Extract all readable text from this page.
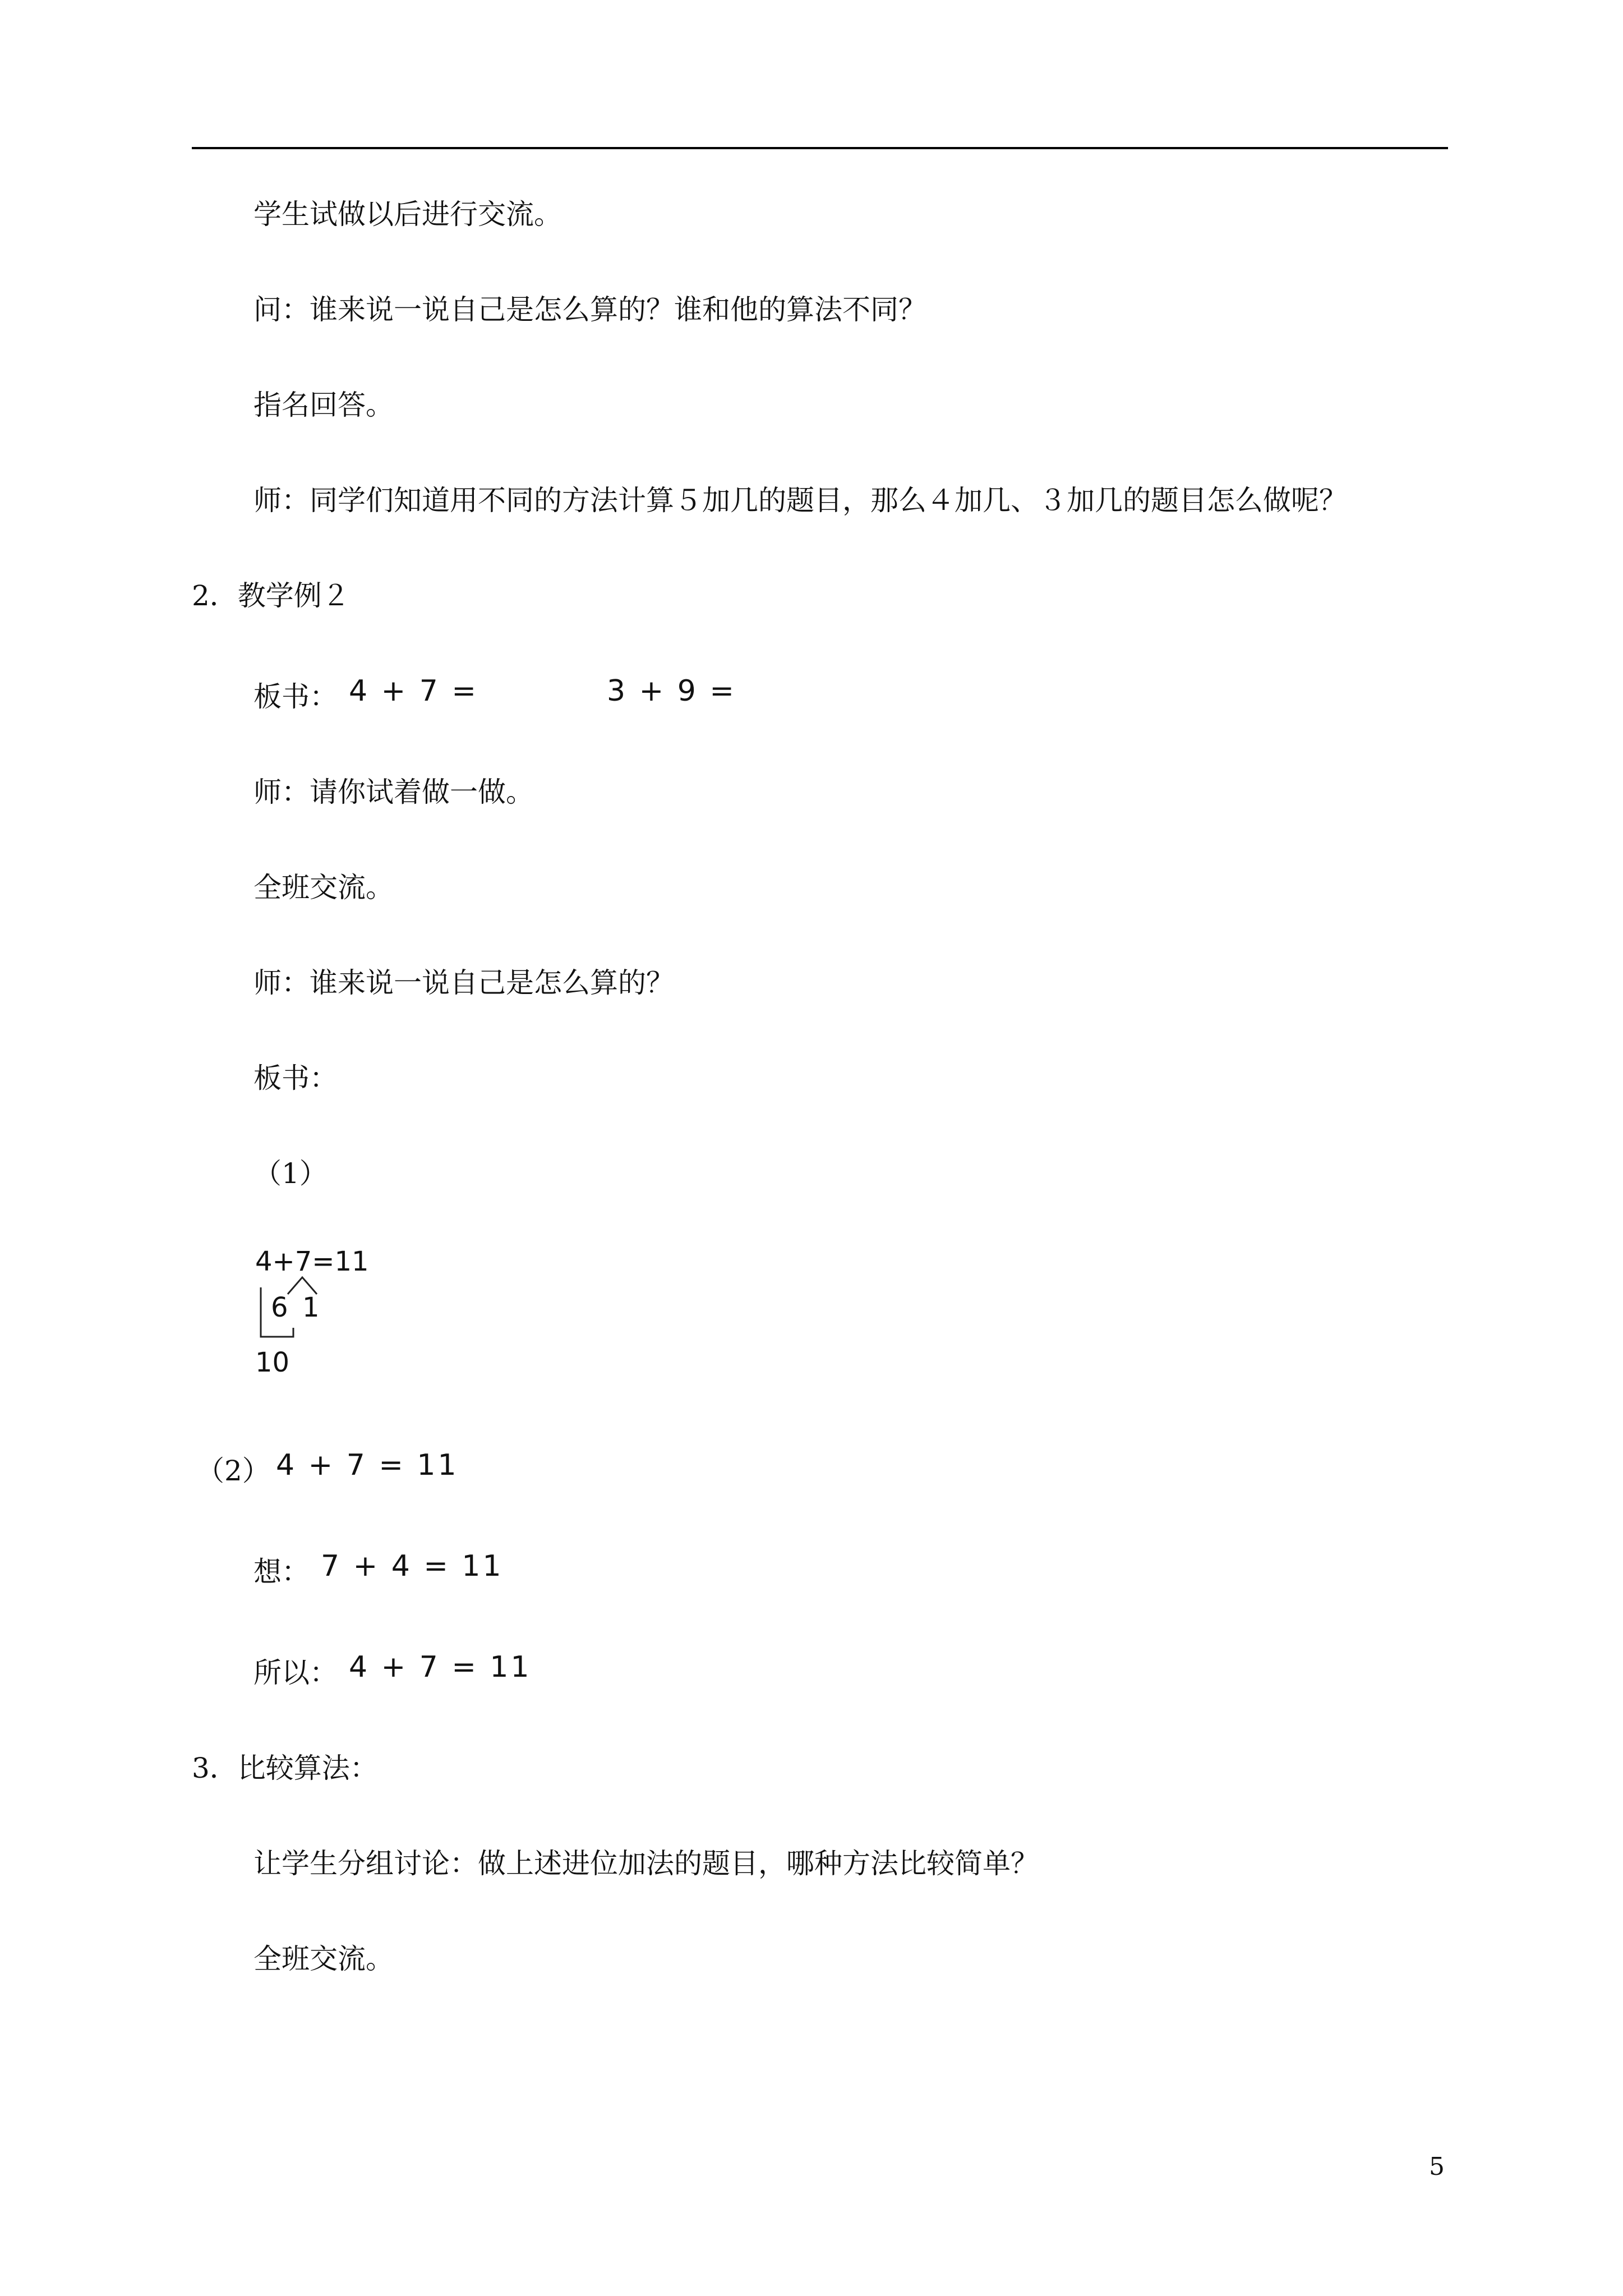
学生试做以后进行交流。
问：谁来说一说自己是怎么算的？谁和他的算法不同？
指名回答。
师：同学们知道用不同的方法计算５加几的题目，那么４加几、３加几的题目怎么做呢？
2．教学例２
板书： 4 + 7 =	3 + 9 =
师：请你试着做一做。
全班交流。
师：谁来说一说自己是怎么算的？
板书：
（1）
4+7=11
6 1
10
（2） 4 + 7 = 11
想： 7 + 4 = 11
所以： 4 + 7 = 11
3．比较算法：
让学生分组讨论：做上述进位加法的题目，哪种方法比较简单？
全班交流。
5
